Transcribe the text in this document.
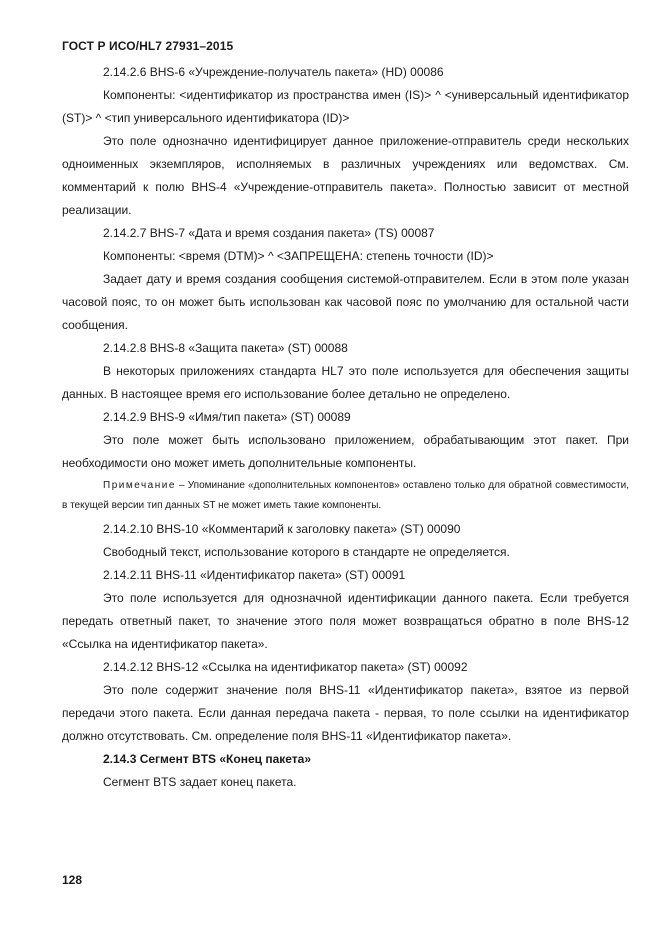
ГОСТ Р ИСО/HL7 27931–2015

2.14.2.6 BHS-6 «Учреждение-получатель пакета» (HD) 00086

Компоненты: <идентификатор из пространства имен (IS)> ^ <универсальный идентификатор (ST)> ^ <тип универсального идентификатора (ID)>

Это поле однозначно идентифицирует данное приложение-отправитель среди нескольких одноименных экземпляров, исполняемых в различных учреждениях или ведомствах. См. комментарий к полю BHS-4 «Учреждение-отправитель пакета». Полностью зависит от местной реализации.

2.14.2.7 BHS-7 «Дата и время создания пакета» (TS) 00087

Компоненты: <время (DTM)> ^ <ЗАПРЕЩЕНА: степень точности (ID)>

Задает дату и время создания сообщения системой-отправителем. Если в этом поле указан часовой пояс, то он может быть использован как часовой пояс по умолчанию для остальной части сообщения.

2.14.2.8 BHS-8 «Защита пакета» (ST) 00088

В некоторых приложениях стандарта HL7 это поле используется для обеспечения защиты данных. В настоящее время его использование более детально не определено.

2.14.2.9 BHS-9 «Имя/тип пакета» (ST) 00089

Это поле может быть использовано приложением, обрабатывающим этот пакет. При необходимости оно может иметь дополнительные компоненты.

Примечание – Упоминание «дополнительных компонентов» оставлено только для обратной совместимости, в текущей версии тип данных ST не может иметь такие компоненты.

2.14.2.10 BHS-10 «Комментарий к заголовку пакета» (ST) 00090

Свободный текст, использование которого в стандарте не определяется.

2.14.2.11 BHS-11 «Идентификатор пакета» (ST) 00091

Это поле используется для однозначной идентификации данного пакета. Если требуется передать ответный пакет, то значение этого поля может возвращаться обратно в поле BHS-12 «Ссылка на идентификатор пакета».

2.14.2.12 BHS-12 «Ссылка на идентификатор пакета» (ST) 00092

Это поле содержит значение поля BHS-11 «Идентификатор пакета», взятое из первой передачи этого пакета. Если данная передача пакета - первая, то поле ссылки на идентификатор должно отсутствовать. См. определение поля BHS-11 «Идентификатор пакета».

2.14.3 Сегмент BTS «Конец пакета»

Сегмент BTS задает конец пакета.

128
